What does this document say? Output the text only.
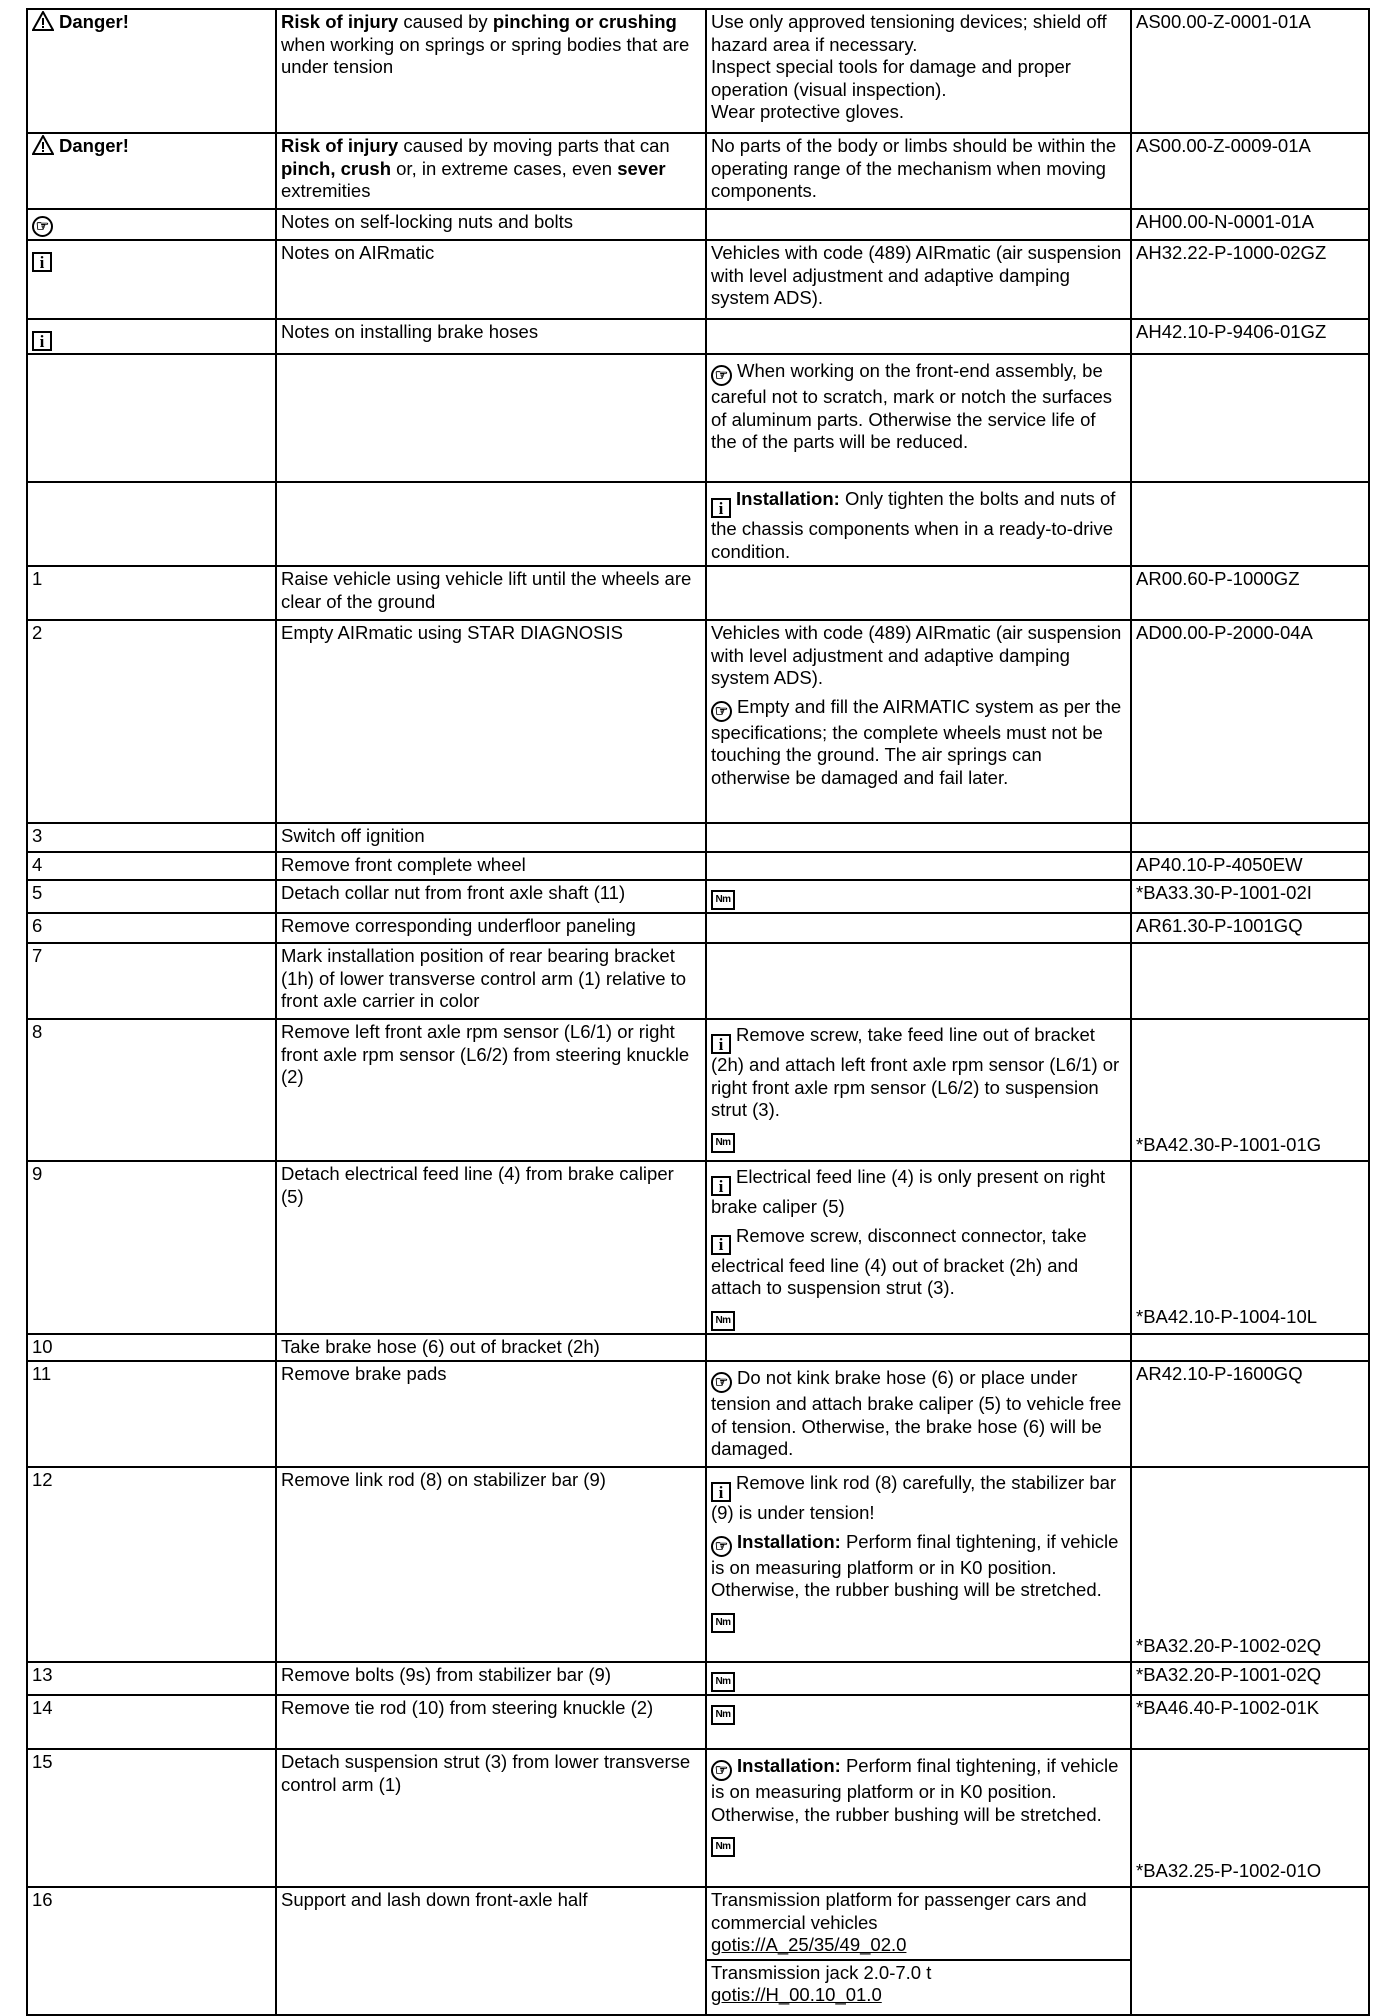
Danger!	Risk of injury caused by pinching or crushing when working on springs or spring bodies that are under tension	Use only approved tensioning devices; shield off hazard area if necessary.
Inspect special tools for damage and proper operation (visual inspection).
Wear protective gloves.	AS00.00-Z-0001-01A
Danger!	Risk of injury caused by moving parts that can pinch, crush or, in extreme cases, even sever extremities	No parts of the body or limbs should be within the operating range of the mechanism when moving components.	AS00.00-Z-0009-01A
☞	Notes on self-locking nuts and bolts		AH00.00-N-0001-01A
i	Notes on AIRmatic	Vehicles with code (489) AIRmatic (air suspension with level adjustment and adaptive damping system ADS).	AH32.22-P-1000-02GZ
i	Notes on installing brake hoses		AH42.10-P-9406-01GZ
		☞ When working on the front-end assembly, be careful not to scratch, mark or notch the surfaces of aluminum parts. Otherwise the service life of the of the parts will be reduced.	
		i Installation: Only tighten the bolts and nuts of the chassis components when in a ready-to-drive condition.	
1	Raise vehicle using vehicle lift until the wheels are clear of the ground		AR00.60-P-1000GZ
2	Empty AIRmatic using STAR DIAGNOSIS	Vehicles with code (489) AIRmatic (air suspension with level adjustment and adaptive damping system ADS).
☞ Empty and fill the AIRMATIC system as per the specifications; the complete wheels must not be touching the ground. The air springs can otherwise be damaged and fail later.	AD00.00-P-2000-04A
3	Switch off ignition		
4	Remove front complete wheel		AP40.10-P-4050EW
5	Detach collar nut from front axle shaft (11)	Nm	*BA33.30-P-1001-02I
6	Remove corresponding underfloor paneling		AR61.30-P-1001GQ
7	Mark installation position of rear bearing bracket (1h) of lower transverse control arm (1) relative to front axle carrier in color		
8	Remove left front axle rpm sensor (L6/1) or right front axle rpm sensor (L6/2) from steering knuckle (2)	i Remove screw, take feed line out of bracket (2h) and attach left front axle rpm sensor (L6/1) or right front axle rpm sensor (L6/2) to suspension strut (3).
Nm	*BA42.30-P-1001-01G
9	Detach electrical feed line (4) from brake caliper (5)	i Electrical feed line (4) is only present on right brake caliper (5)
i Remove screw, disconnect connector, take electrical feed line (4) out of bracket (2h) and attach to suspension strut (3).
Nm	*BA42.10-P-1004-10L
10	Take brake hose (6) out of bracket (2h)		
11	Remove brake pads	☞ Do not kink brake hose (6) or place under tension and attach brake caliper (5) to vehicle free of tension. Otherwise, the brake hose (6) will be damaged.	AR42.10-P-1600GQ
12	Remove link rod (8) on stabilizer bar (9)	i Remove link rod (8) carefully, the stabilizer bar (9) is under tension!
☞ Installation: Perform final tightening, if vehicle is on measuring platform or in K0 position. Otherwise, the rubber bushing will be stretched.
Nm	*BA32.20-P-1002-02Q
13	Remove bolts (9s) from stabilizer bar (9)	Nm	*BA32.20-P-1001-02Q
14	Remove tie rod (10) from steering knuckle (2)	Nm	*BA46.40-P-1002-01K
15	Detach suspension strut (3) from lower transverse control arm (1)	☞ Installation: Perform final tightening, if vehicle is on measuring platform or in K0 position. Otherwise, the rubber bushing will be stretched.
Nm	*BA32.25-P-1002-01O
16	Support and lash down front-axle half	Transmission platform for passenger cars and commercial vehicles
gotis://A_25/35/49_02.0
Transmission jack 2.0-7.0 t
gotis://H_00.10_01.0	
